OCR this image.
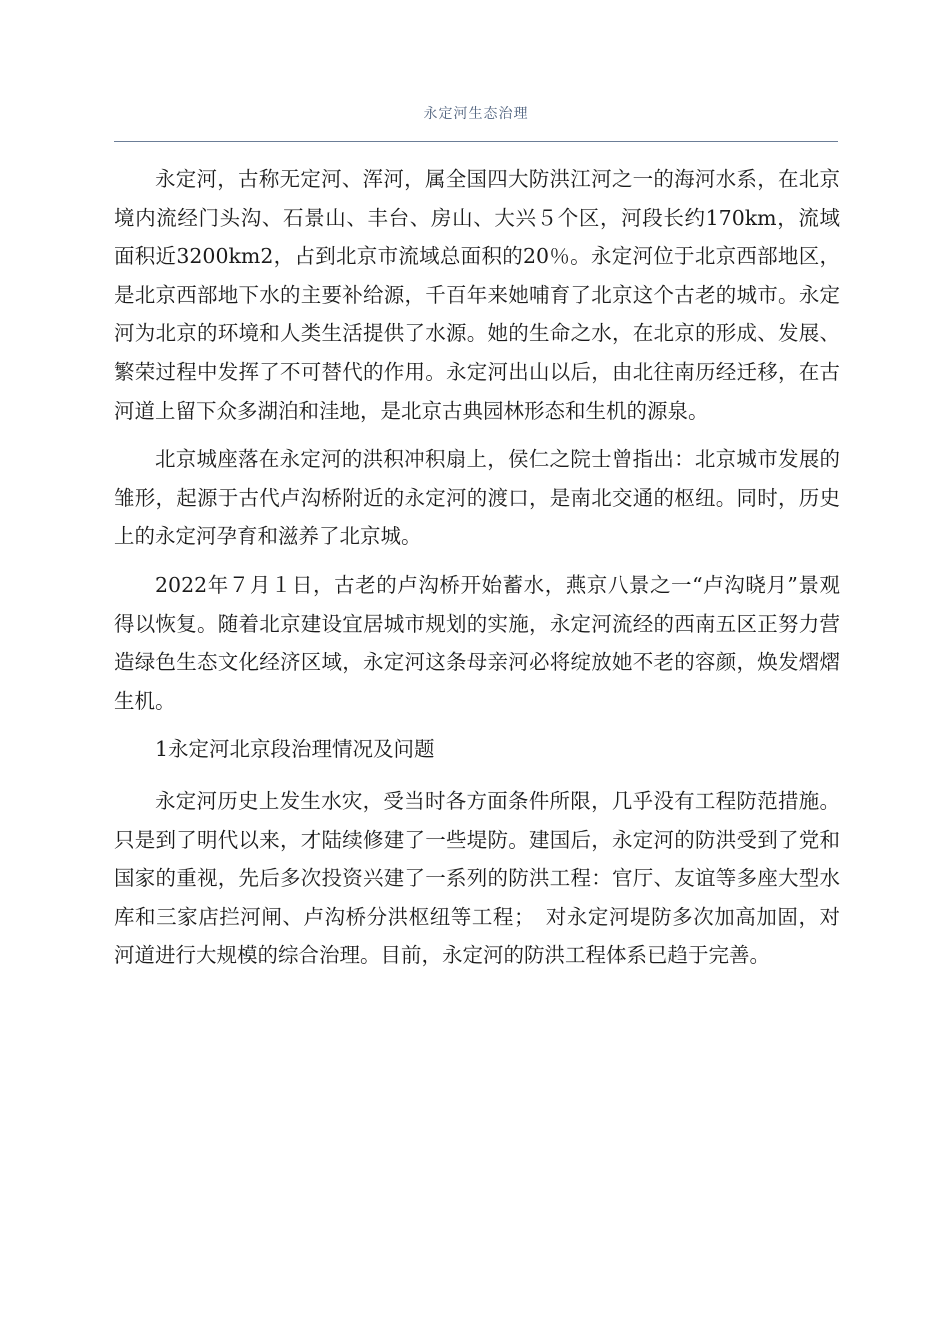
永定河生态治理

永定河，古称无定河、浑河，属全国四大防洪江河之一的海河水系，在北京境内流经门头沟、石景山、丰台、房山、大兴５个区，河段长约170km，流域面积近3200km2，占到北京市流域总面积的20％。永定河位于北京西部地区，是北京西部地下水的主要补给源，千百年来她哺育了北京这个古老的城市。永定河为北京的环境和人类生活提供了水源。她的生命之水，在北京的形成、发展、繁荣过程中发挥了不可替代的作用。永定河出山以后，由北往南历经迁移，在古河道上留下众多湖泊和洼地，是北京古典园林形态和生机的源泉。

北京城座落在永定河的洪积冲积扇上，侯仁之院士曾指出：北京城市发展的雏形，起源于古代卢沟桥附近的永定河的渡口，是南北交通的枢纽。同时，历史上的永定河孕育和滋养了北京城。

2022年７月１日，古老的卢沟桥开始蓄水，燕京八景之一“卢沟晓月”景观得以恢复。随着北京建设宜居城市规划的实施，永定河流经的西南五区正努力营造绿色生态文化经济区域，永定河这条母亲河必将绽放她不老的容颜，焕发熠熠生机。

1永定河北京段治理情况及问题

永定河历史上发生水灾，受当时各方面条件所限，几乎没有工程防范措施。只是到了明代以来，才陆续修建了一些堤防。建国后，永定河的防洪受到了党和国家的重视，先后多次投资兴建了一系列的防洪工程：官厅、友谊等多座大型水库和三家店拦河闸、卢沟桥分洪枢纽等工程；　对永定河堤防多次加高加固，对河道进行大规模的综合治理。目前，永定河的防洪工程体系已趋于完善。
